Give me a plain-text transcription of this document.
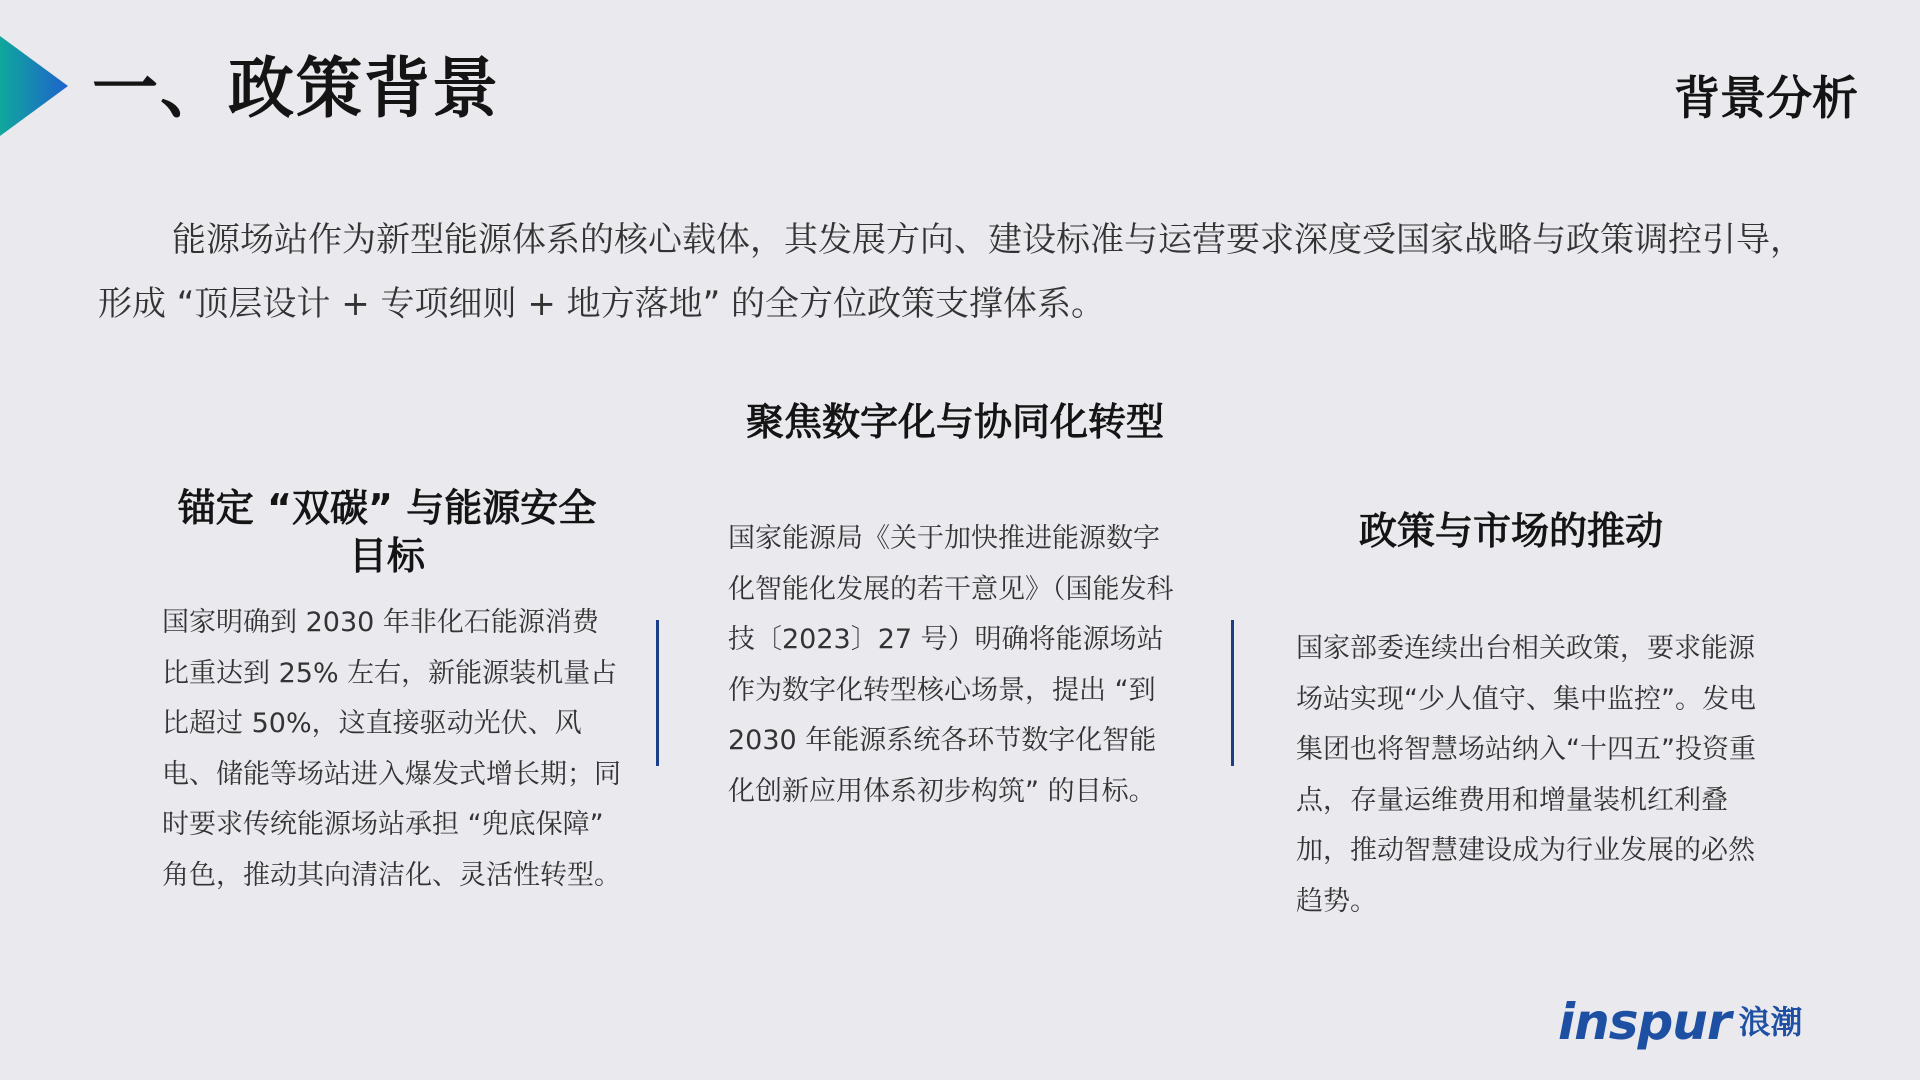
一、政策背景	背景分析
能源场站作为新型能源体系的核心载体，其发展方向、建设标准与运营要求深度受国家战略与政策调控引导，形成 “顶层设计 + 专项细则 + 地方落地” 的全方位政策支撑体系。
聚焦数字化与协同化转型
锚定 “双碳” 与能源安全目标
国家明确到 2030 年非化石能源消费比重达到 25% 左右，新能源装机量占比超过 50%，这直接驱动光伏、风电、储能等场站进入爆发式增长期；同时要求传统能源场站承担 “兜底保障” 角色，推动其向清洁化、灵活性转型。
国家能源局《关于加快推进能源数字化智能化发展的若干意见》（国能发科技〔2023〕27 号）明确将能源场站作为数字化转型核心场景，提出 “到 2030 年能源系统各环节数字化智能化创新应用体系初步构筑” 的目标。
政策与市场的推动
国家部委连续出台相关政策，要求能源场站实现“少人值守、集中监控”。发电集团也将智慧场站纳入“十四五”投资重点，存量运维费用和增量装机红利叠加，推动智慧建设成为行业发展的必然趋势。
inspur 浪潮
